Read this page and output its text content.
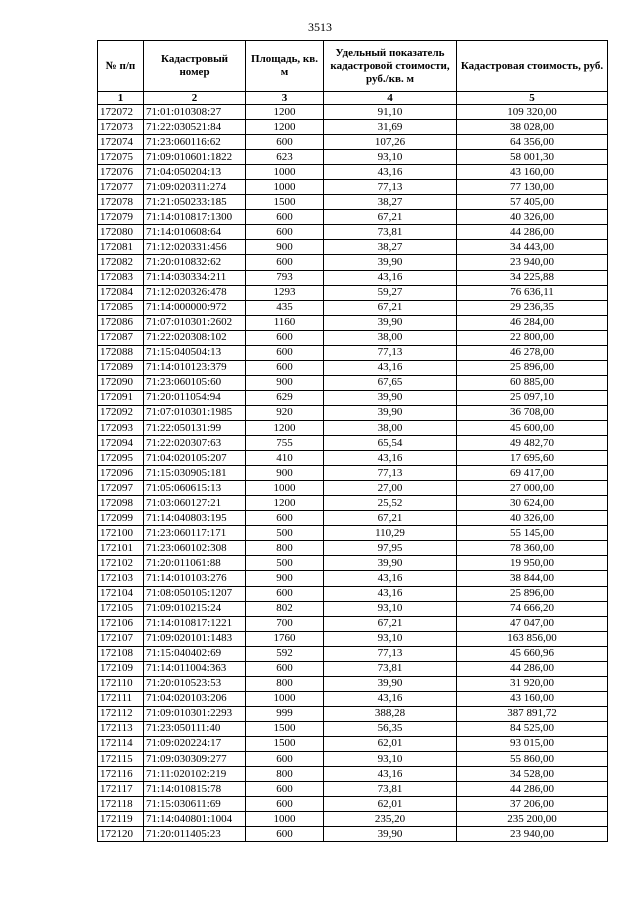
3513
№ п/п	Кадастровый номер	Площадь, кв. м	Удельный показатель кадастровой стоимости, руб./кв. м	Кадастровая стоимость, руб.
1	2	3	4	5
172072	71:01:010308:27	1200	91,10	109 320,00
172073	71:22:030521:84	1200	31,69	38 028,00
172074	71:23:060116:62	600	107,26	64 356,00
172075	71:09:010601:1822	623	93,10	58 001,30
172076	71:04:050204:13	1000	43,16	43 160,00
172077	71:09:020311:274	1000	77,13	77 130,00
172078	71:21:050233:185	1500	38,27	57 405,00
172079	71:14:010817:1300	600	67,21	40 326,00
172080	71:14:010608:64	600	73,81	44 286,00
172081	71:12:020331:456	900	38,27	34 443,00
172082	71:20:010832:62	600	39,90	23 940,00
172083	71:14:030334:211	793	43,16	34 225,88
172084	71:12:020326:478	1293	59,27	76 636,11
172085	71:14:000000:972	435	67,21	29 236,35
172086	71:07:010301:2602	1160	39,90	46 284,00
172087	71:22:020308:102	600	38,00	22 800,00
172088	71:15:040504:13	600	77,13	46 278,00
172089	71:14:010123:379	600	43,16	25 896,00
172090	71:23:060105:60	900	67,65	60 885,00
172091	71:20:011054:94	629	39,90	25 097,10
172092	71:07:010301:1985	920	39,90	36 708,00
172093	71:22:050131:99	1200	38,00	45 600,00
172094	71:22:020307:63	755	65,54	49 482,70
172095	71:04:020105:207	410	43,16	17 695,60
172096	71:15:030905:181	900	77,13	69 417,00
172097	71:05:060615:13	1000	27,00	27 000,00
172098	71:03:060127:21	1200	25,52	30 624,00
172099	71:14:040803:195	600	67,21	40 326,00
172100	71:23:060117:171	500	110,29	55 145,00
172101	71:23:060102:308	800	97,95	78 360,00
172102	71:20:011061:88	500	39,90	19 950,00
172103	71:14:010103:276	900	43,16	38 844,00
172104	71:08:050105:1207	600	43,16	25 896,00
172105	71:09:010215:24	802	93,10	74 666,20
172106	71:14:010817:1221	700	67,21	47 047,00
172107	71:09:020101:1483	1760	93,10	163 856,00
172108	71:15:040402:69	592	77,13	45 660,96
172109	71:14:011004:363	600	73,81	44 286,00
172110	71:20:010523:53	800	39,90	31 920,00
172111	71:04:020103:206	1000	43,16	43 160,00
172112	71:09:010301:2293	999	388,28	387 891,72
172113	71:23:050111:40	1500	56,35	84 525,00
172114	71:09:020224:17	1500	62,01	93 015,00
172115	71:09:030309:277	600	93,10	55 860,00
172116	71:11:020102:219	800	43,16	34 528,00
172117	71:14:010815:78	600	73,81	44 286,00
172118	71:15:030611:69	600	62,01	37 206,00
172119	71:14:040801:1004	1000	235,20	235 200,00
172120	71:20:011405:23	600	39,90	23 940,00
